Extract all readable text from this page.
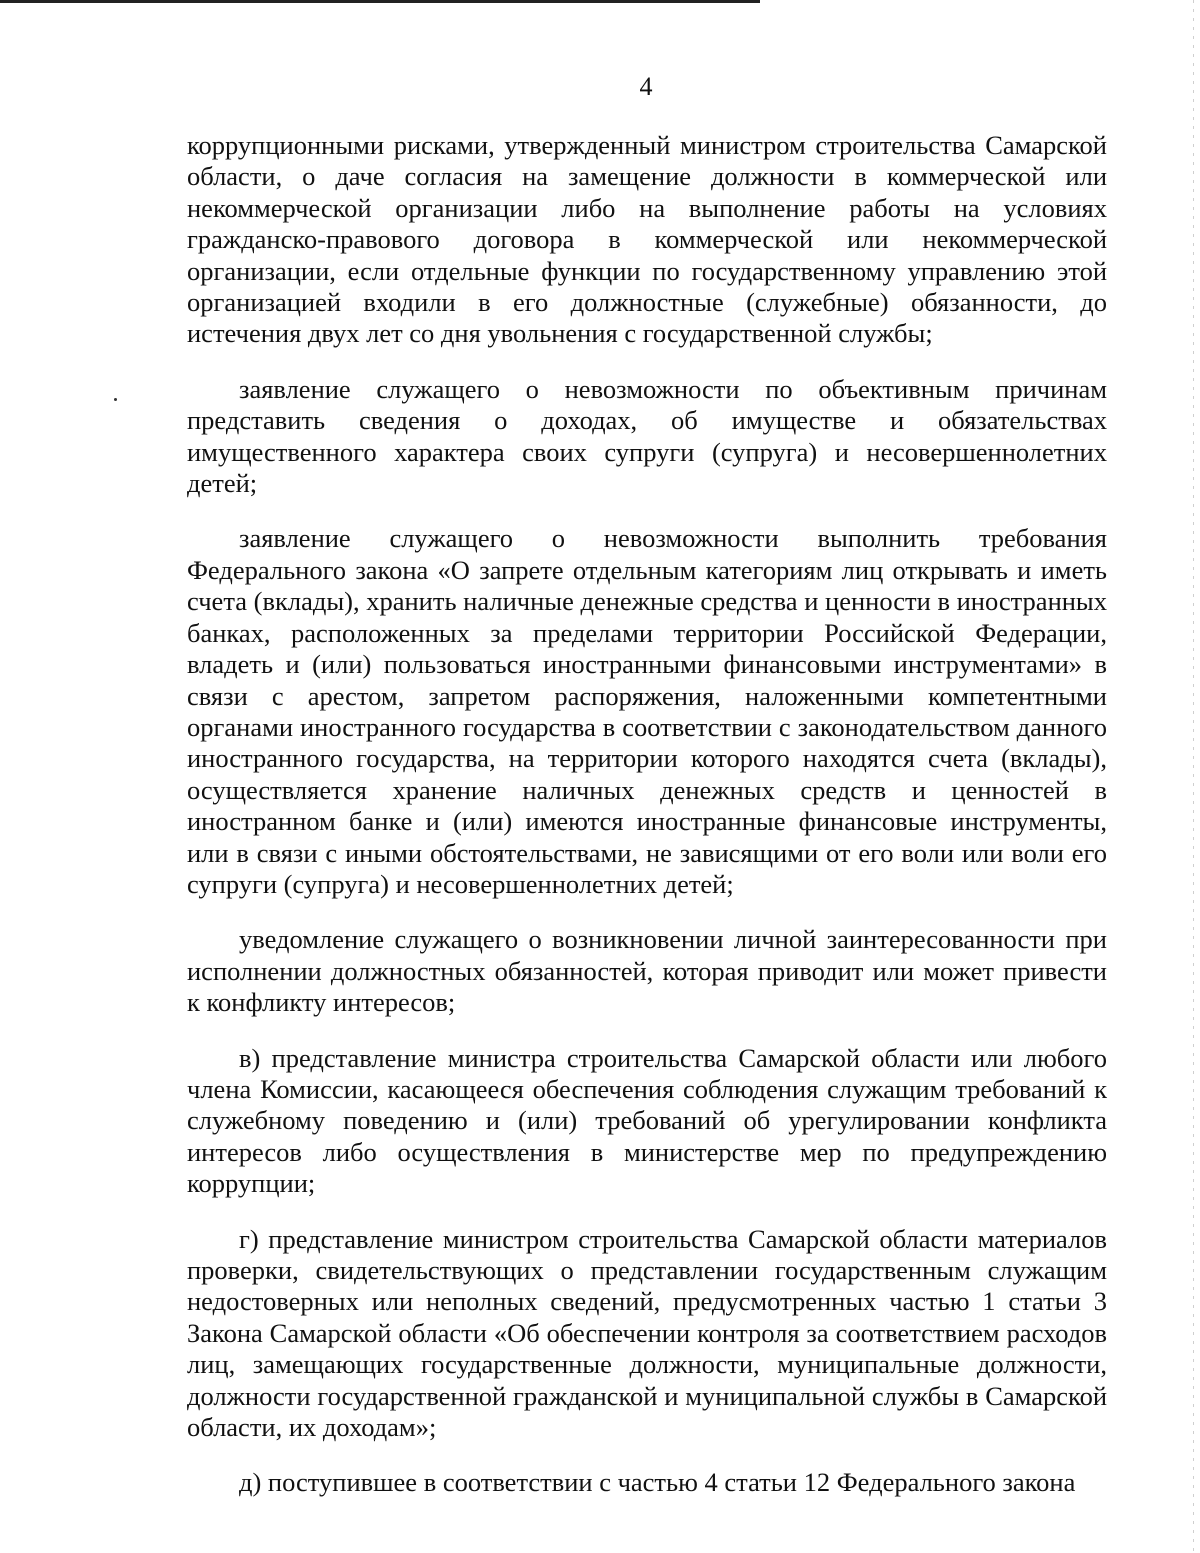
4

коррупционными рисками, утвержденный министром строительства Самарской области, о даче согласия на замещение должности в коммерческой или некоммерческой организации либо на выполнение работы на условиях гражданско-правового договора в коммерческой или некоммерческой организации, если отдельные функции по государственному управлению этой организацией входили в его должностные (служебные) обязанности, до истечения двух лет со дня увольнения с государственной службы;

заявление служащего о невозможности по объективным причинам представить сведения о доходах, об имуществе и обязательствах имущественного характера своих супруги (супруга) и несовершеннолетних детей;

заявление служащего о невозможности выполнить требования Федерального закона «О запрете отдельным категориям лиц открывать и иметь счета (вклады), хранить наличные денежные средства и ценности в иностранных банках, расположенных за пределами территории Российской Федерации, владеть и (или) пользоваться иностранными финансовыми инструментами» в связи с арестом, запретом распоряжения, наложенными компетентными органами иностранного государства в соответствии с законодательством данного иностранного государства, на территории которого находятся счета (вклады), осуществляется хранение наличных денежных средств и ценностей в иностранном банке и (или) имеются иностранные финансовые инструменты, или в связи с иными обстоятельствами, не зависящими от его воли или воли его супруги (супруга) и несовершеннолетних детей;

уведомление служащего о возникновении личной заинтересованности при исполнении должностных обязанностей, которая приводит или может привести к конфликту интересов;

в) представление министра строительства Самарской области или любого члена Комиссии, касающееся обеспечения соблюдения служащим требований к служебному поведению и (или) требований об урегулировании конфликта интересов либо осуществления в министерстве мер по предупреждению коррупции;

г) представление министром строительства Самарской области материалов проверки, свидетельствующих о представлении государственным служащим недостоверных или неполных сведений, предусмотренных частью 1 статьи 3 Закона Самарской области «Об обеспечении контроля за соответствием расходов лиц, замещающих государственные должности, муниципальные должности, должности государственной гражданской и муниципальной службы в Самарской области, их доходам»;

д) поступившее в соответствии с частью 4 статьи 12 Федерального закона
